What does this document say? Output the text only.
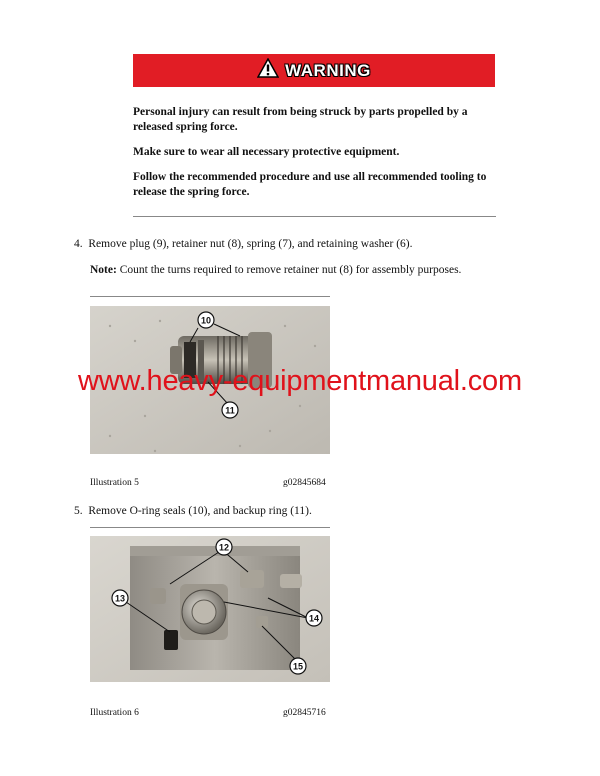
WARNING

Personal injury can result from being struck by parts propelled by a released spring force.

Make sure to wear all necessary protective equipment.

Follow the recommended procedure and use all recommended tooling to release the spring force.

4. Remove plug (9), retainer nut (8), spring (7), and retaining washer (6).

Note: Count the turns required to remove retainer nut (8) for assembly purposes.

10
11
Illustration 5	g02845684

5. Remove O-ring seals (10), and backup ring (11).

12
13
14
15
Illustration 6	g02845716
www.heavy-equipmentmanual.com
